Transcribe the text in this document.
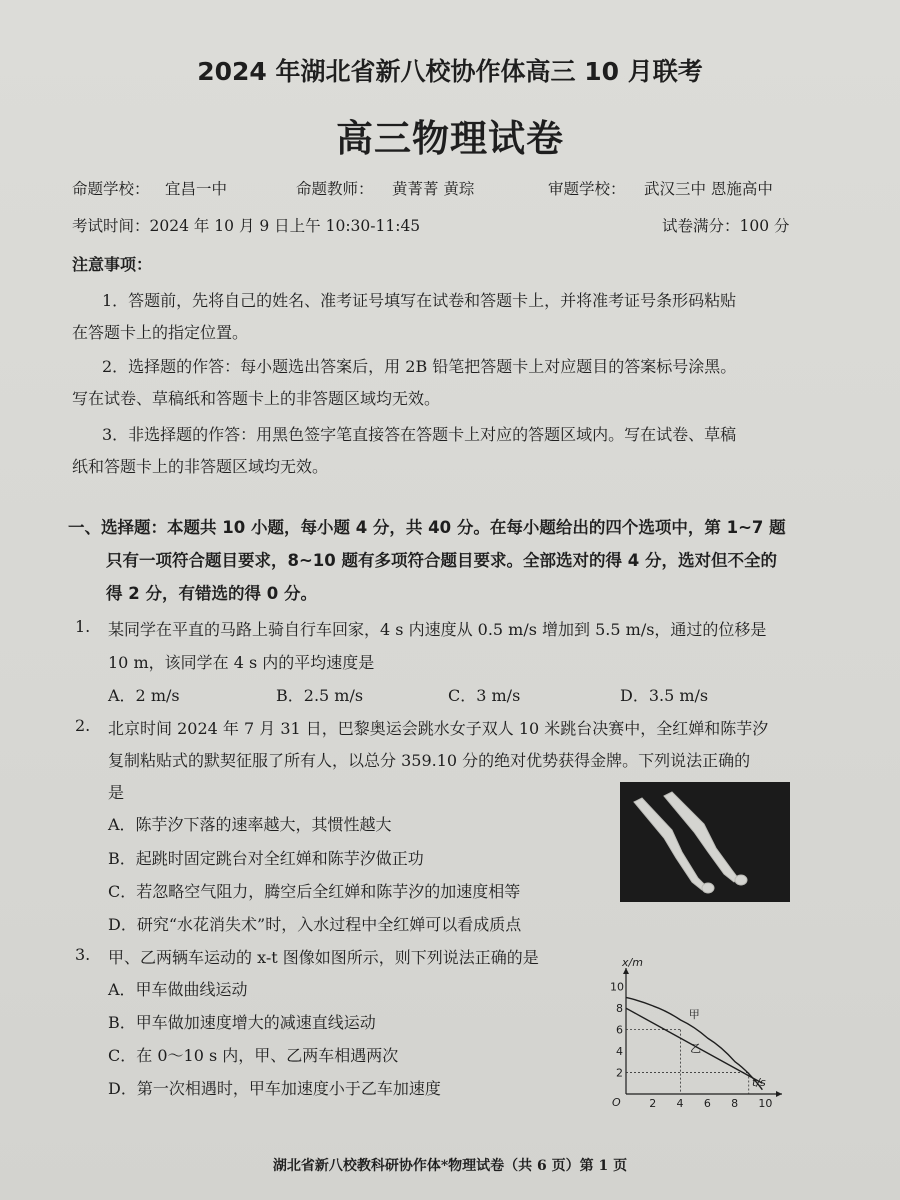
2024 年湖北省新八校协作体高三 10 月联考
高三物理试卷
命题学校： 宜昌一中	命题教师： 黄菁菁 黄琮	审题学校： 武汉三中 恩施高中
考试时间：2024 年 10 月 9 日上午 10:30-11:45	试卷满分：100 分
注意事项：
1．答题前，先将自己的姓名、准考证号填写在试卷和答题卡上，并将准考证号条形码粘贴
在答题卡上的指定位置。
2．选择题的作答：每小题选出答案后，用 2B 铅笔把答题卡上对应题目的答案标号涂黑。
写在试卷、草稿纸和答题卡上的非答题区域均无效。
3．非选择题的作答：用黑色签字笔直接答在答题卡上对应的答题区域内。写在试卷、草稿
纸和答题卡上的非答题区域均无效。
一、选择题：本题共 10 小题，每小题 4 分，共 40 分。在每小题给出的四个选项中，第 1~7 题
只有一项符合题目要求，8~10 题有多项符合题目要求。全部选对的得 4 分，选对但不全的
得 2 分，有错选的得 0 分。
1. 某同学在平直的马路上骑自行车回家，4 s 内速度从 0.5 m/s 增加到 5.5 m/s，通过的位移是
10 m，该同学在 4 s 内的平均速度是
A．2 m/s	B．2.5 m/s	C．3 m/s	D．3.5 m/s
2. 北京时间 2024 年 7 月 31 日，巴黎奥运会跳水女子双人 10 米跳台决赛中，全红婵和陈芋汐
复制粘贴式的默契征服了所有人，以总分 359.10 分的绝对优势获得金牌。下列说法正确的
是
A．陈芋汐下落的速率越大，其惯性越大
B．起跳时固定跳台对全红婵和陈芋汐做正功
C．若忽略空气阻力，腾空后全红婵和陈芋汐的加速度相等
D．研究“水花消失术”时，入水过程中全红婵可以看成质点
3. 甲、乙两辆车运动的 x-t 图像如图所示，则下列说法正确的是
A．甲车做曲线运动
B．甲车做加速度增大的减速直线运动
C．在 0～10 s 内，甲、乙两车相遇两次
D．第一次相遇时，甲车加速度小于乙车加速度	t/s
x/m
O	2 4 6 8 10
2
4
6
8
10
甲
乙
湖北省新八校教科研协作体*物理试卷（共 6 页）第 1 页
